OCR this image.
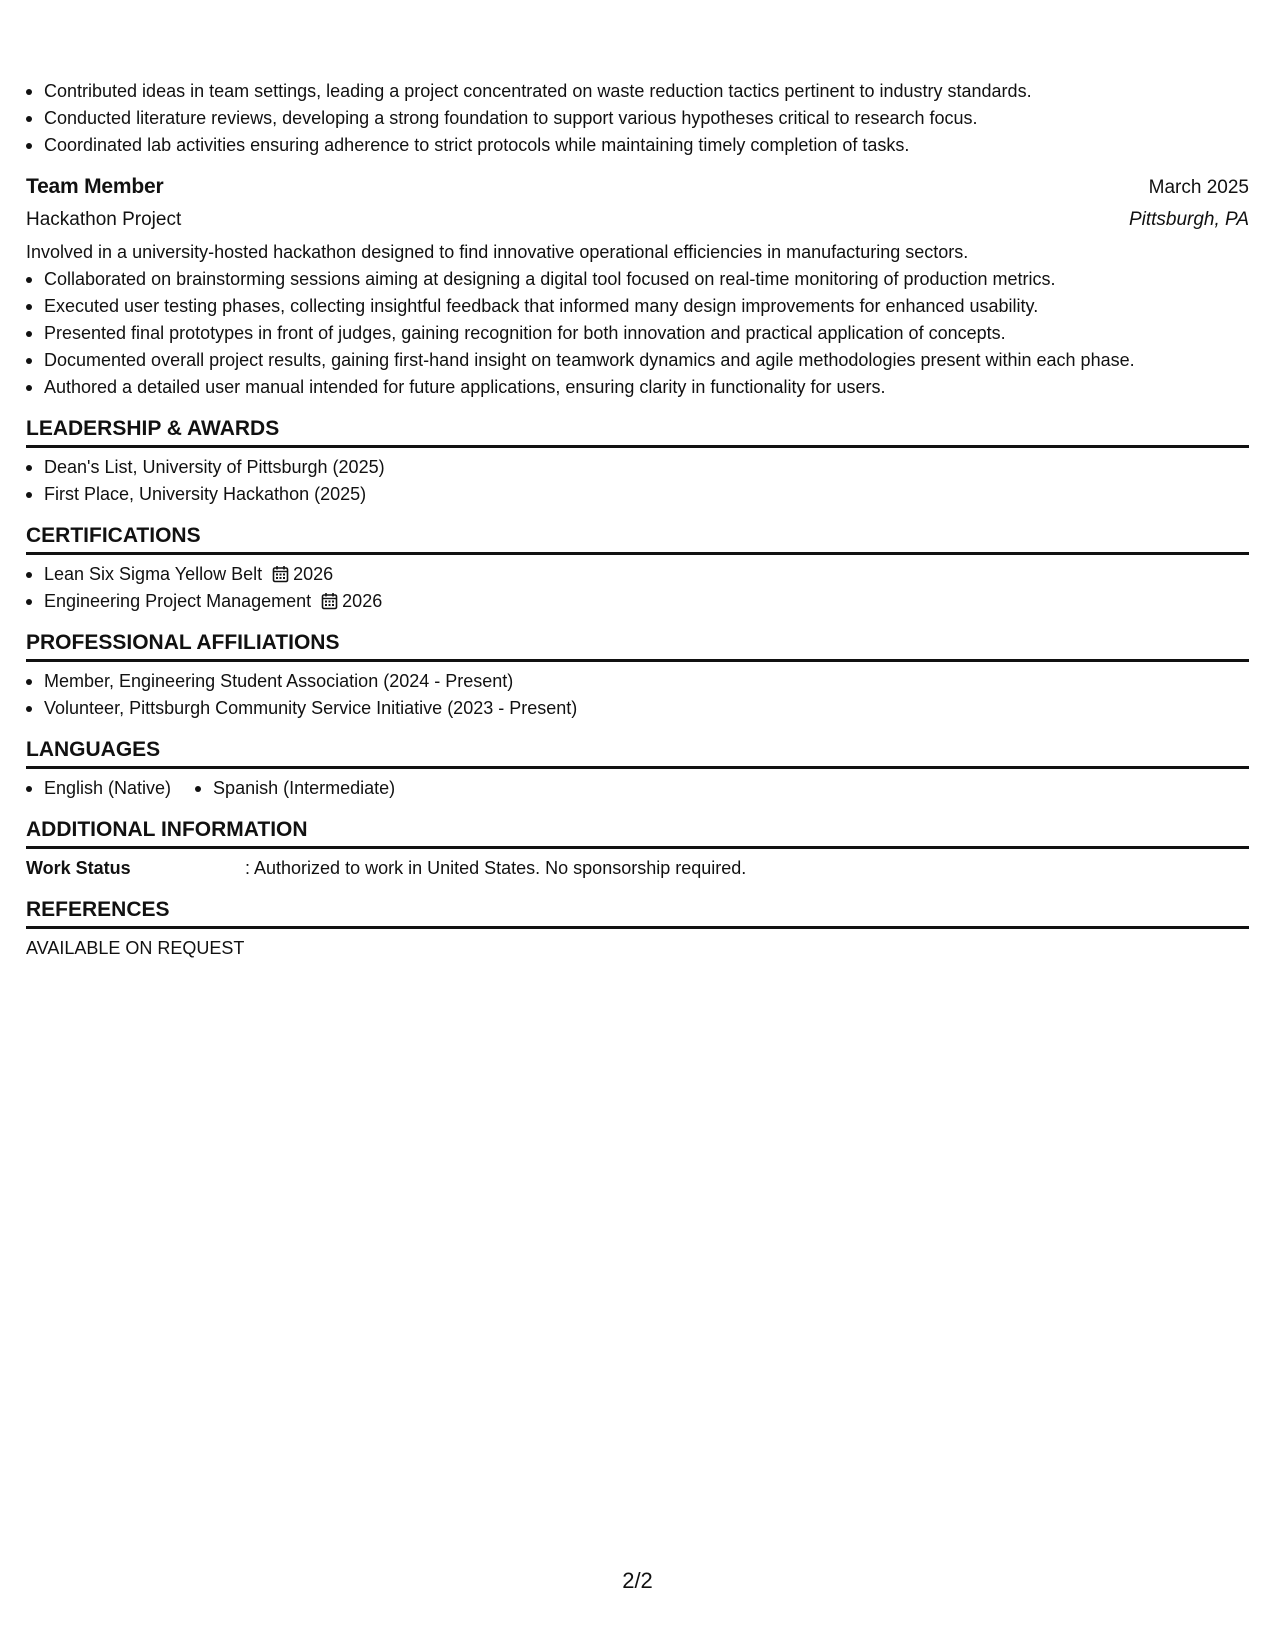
Contributed ideas in team settings, leading a project concentrated on waste reduction tactics pertinent to industry standards.
Conducted literature reviews, developing a strong foundation to support various hypotheses critical to research focus.
Coordinated lab activities ensuring adherence to strict protocols while maintaining timely completion of tasks.
Team Member	March 2025
Hackathon Project	Pittsburgh, PA
Involved in a university-hosted hackathon designed to find innovative operational efficiencies in manufacturing sectors.
Collaborated on brainstorming sessions aiming at designing a digital tool focused on real-time monitoring of production metrics.
Executed user testing phases, collecting insightful feedback that informed many design improvements for enhanced usability.
Presented final prototypes in front of judges, gaining recognition for both innovation and practical application of concepts.
Documented overall project results, gaining first-hand insight on teamwork dynamics and agile methodologies present within each phase.
Authored a detailed user manual intended for future applications, ensuring clarity in functionality for users.
LEADERSHIP & AWARDS
Dean's List, University of Pittsburgh (2025)
First Place, University Hackathon (2025)
CERTIFICATIONS
Lean Six Sigma Yellow Belt 2026
Engineering Project Management 2026
PROFESSIONAL AFFILIATIONS
Member, Engineering Student Association (2024 - Present)
Volunteer, Pittsburgh Community Service Initiative (2023 - Present)
LANGUAGES
English (Native)	Spanish (Intermediate)
ADDITIONAL INFORMATION
Work Status	: Authorized to work in United States. No sponsorship required.
REFERENCES
AVAILABLE ON REQUEST
2/2
